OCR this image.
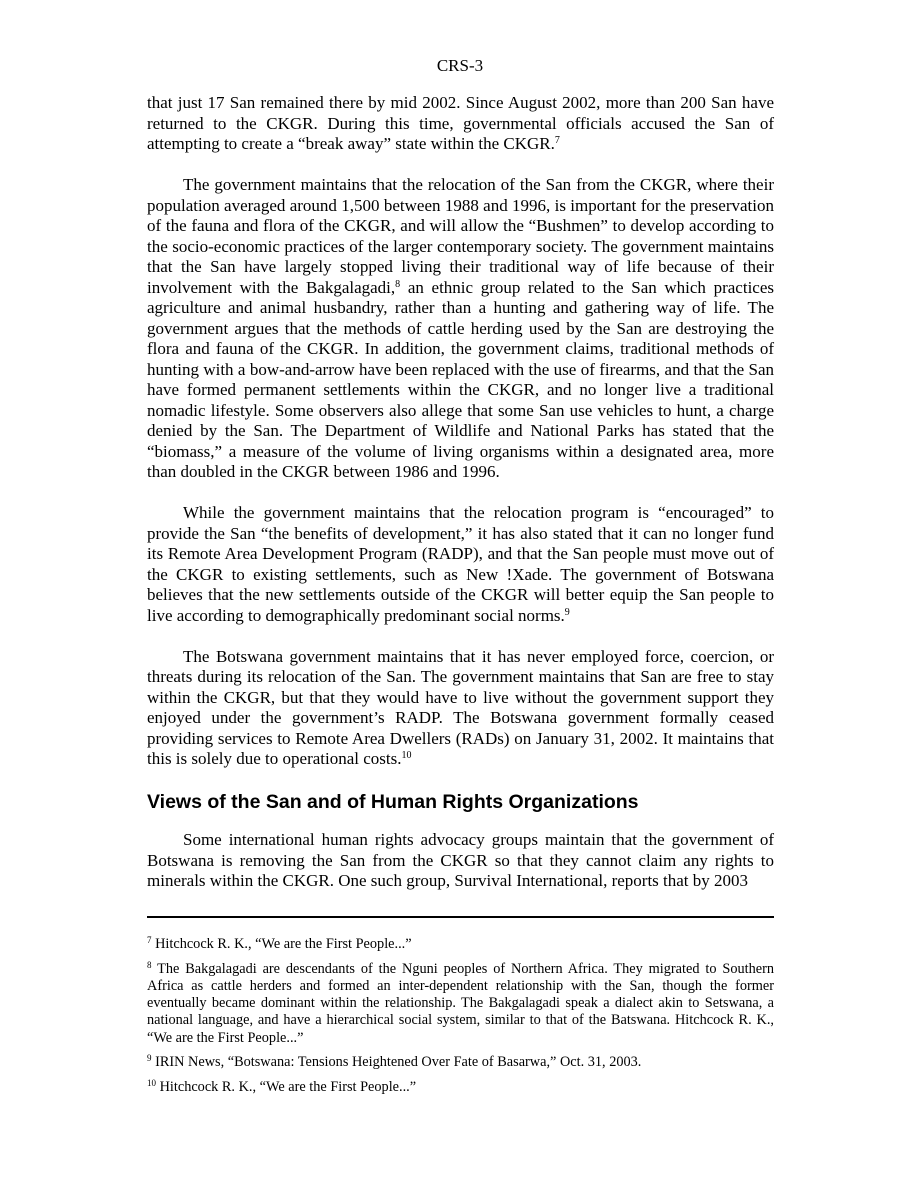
CRS-3

that just 17 San remained there by mid 2002. Since August 2002, more than 200 San have returned to the CKGR. During this time, governmental officials accused the San of attempting to create a “break away” state within the CKGR.$^7$

The government maintains that the relocation of the San from the CKGR, where their population averaged around 1,500 between 1988 and 1996, is important for the preservation of the fauna and flora of the CKGR, and will allow the “Bushmen” to develop according to the socio-economic practices of the larger contemporary society. The government maintains that the San have largely stopped living their traditional way of life because of their involvement with the Bakgalagadi,$^8$ an ethnic group related to the San which practices agriculture and animal husbandry, rather than a hunting and gathering way of life. The government argues that the methods of cattle herding used by the San are destroying the flora and fauna of the CKGR. In addition, the government claims, traditional methods of hunting with a bow-and-arrow have been replaced with the use of firearms, and that the San have formed permanent settlements within the CKGR, and no longer live a traditional nomadic lifestyle. Some observers also allege that some San use vehicles to hunt, a charge denied by the San. The Department of Wildlife and National Parks has stated that the “biomass,” a measure of the volume of living organisms within a designated area, more than doubled in the CKGR between 1986 and 1996.

While the government maintains that the relocation program is “encouraged” to provide the San “the benefits of development,” it has also stated that it can no longer fund its Remote Area Development Program (RADP), and that the San people must move out of the CKGR to existing settlements, such as New !Xade. The government of Botswana believes that the new settlements outside of the CKGR will better equip the San people to live according to demographically predominant social norms.$^9$

The Botswana government maintains that it has never employed force, coercion, or threats during its relocation of the San. The government maintains that San are free to stay within the CKGR, but that they would have to live without the government support they enjoyed under the government’s RADP. The Botswana government formally ceased providing services to Remote Area Dwellers (RADs) on January 31, 2002. It maintains that this is solely due to operational costs.$^{10}$

Views of the San and of Human Rights Organizations

Some international human rights advocacy groups maintain that the government of Botswana is removing the San from the CKGR so that they cannot claim any rights to minerals within the CKGR. One such group, Survival International, reports that by 2003

$^7$ Hitchcock R. K., “We are the First People...”
$^8$ The Bakgalagadi are descendants of the Nguni peoples of Northern Africa. They migrated to Southern Africa as cattle herders and formed an inter-dependent relationship with the San, though the former eventually became dominant within the relationship. The Bakgalagadi speak a dialect akin to Setswana, a national language, and have a hierarchical social system, similar to that of the Batswana. Hitchcock R. K., “We are the First People...”
$^9$ IRIN News, “Botswana: Tensions Heightened Over Fate of Basarwa,” Oct. 31, 2003.
$^{10}$ Hitchcock R. K., “We are the First People...”
